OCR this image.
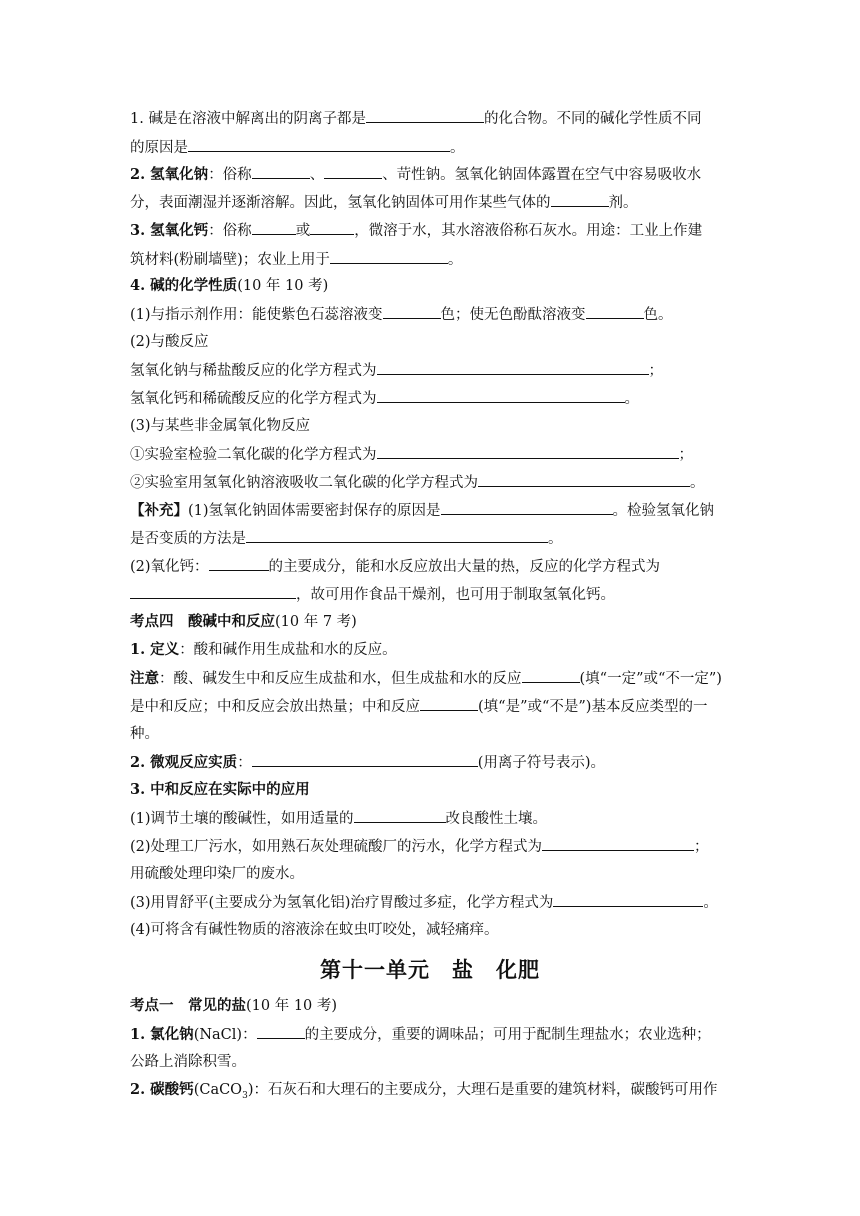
1. 碱是在溶液中解离出的阴离子都是	的化合物。不同的碱化学性质不同
的原因是	。
2. 氢氧化钠：俗称	、	、苛性钠。氢氧化钠固体露置在空气中容易吸收水
分，表面潮湿并逐渐溶解。因此，氢氧化钠固体可用作某些气体的	剂。
3. 氢氧化钙：俗称	或	，微溶于水，其水溶液俗称石灰水。用途：工业上作建
筑材料(粉刷墙壁)；农业上用于	。
4. 碱的化学性质(10 年 10 考)
(1)与指示剂作用：能使紫色石蕊溶液变	色；使无色酚酞溶液变	色。
(2)与酸反应
氢氧化钠与稀盐酸反应的化学方程式为	；
氢氧化钙和稀硫酸反应的化学方程式为	。
(3)与某些非金属氧化物反应
①实验室检验二氧化碳的化学方程式为	；
②实验室用氢氧化钠溶液吸收二氧化碳的化学方程式为	。
【补充】(1)氢氧化钠固体需要密封保存的原因是	。检验氢氧化钠
是否变质的方法是	。
(2)氧化钙：	的主要成分，能和水反应放出大量的热，反应的化学方程式为
，故可用作食品干燥剂，也可用于制取氢氧化钙。
考点四　酸碱中和反应(10 年 7 考)
1. 定义：酸和碱作用生成盐和水的反应。
注意：酸、碱发生中和反应生成盐和水，但生成盐和水的反应	(填“一定”或“不一定”)
是中和反应；中和反应会放出热量；中和反应	(填“是”或“不是”)基本反应类型的一
种。
2. 微观反应实质：	(用离子符号表示)。
3. 中和反应在实际中的应用
(1)调节土壤的酸碱性，如用适量的	改良酸性土壤。
(2)处理工厂污水，如用熟石灰处理硫酸厂的污水，化学方程式为	；
用硫酸处理印染厂的废水。
(3)用胃舒平(主要成分为氢氧化铝)治疗胃酸过多症，化学方程式为	。
(4)可将含有碱性物质的溶液涂在蚊虫叮咬处，减轻痛痒。
第十一单元　盐　化肥
考点一　常见的盐(10 年 10 考)
1. 氯化钠(NaCl)：	的主要成分，重要的调味品；可用于配制生理盐水；农业选种；
公路上消除积雪。
2. 碳酸钙(CaCO$_3$)：石灰石和大理石的主要成分，大理石是重要的建筑材料，碳酸钙可用作
